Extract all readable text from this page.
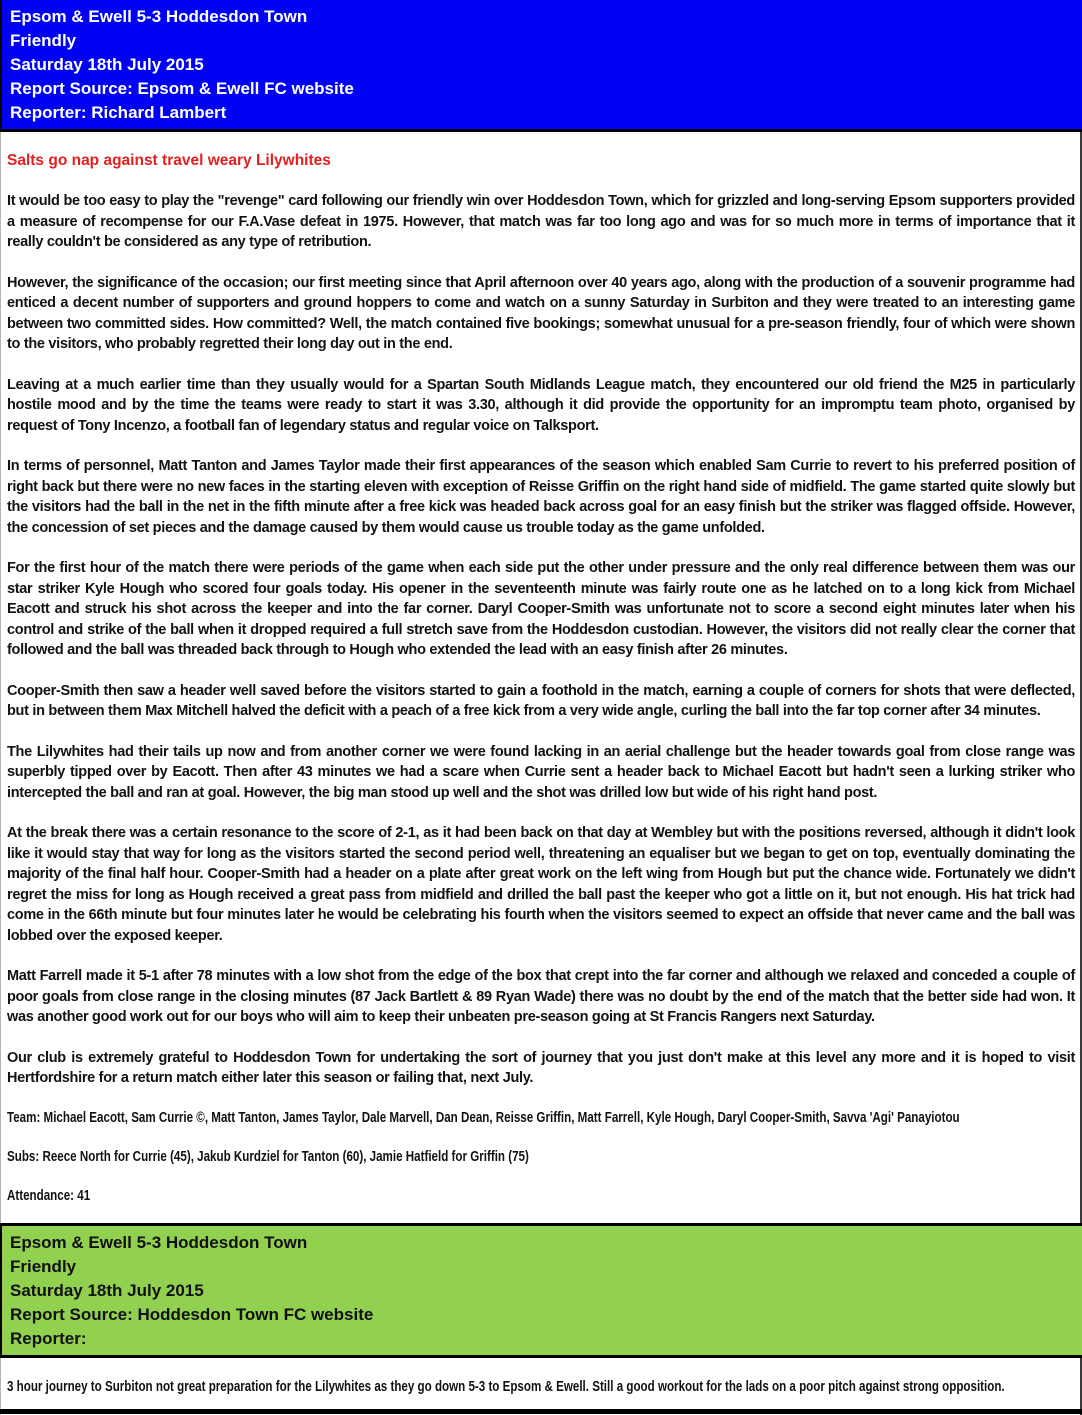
Epsom & Ewell 5-3 Hoddesdon Town
Friendly
Saturday 18th July 2015
Report Source: Epsom & Ewell FC website
Reporter: Richard Lambert
Salts go nap against travel weary Lilywhites
It would be too easy to play the "revenge" card following our friendly win over Hoddesdon Town, which for grizzled and long-serving Epsom supporters provided a measure of recompense for our F.A.Vase defeat in 1975. However, that match was far too long ago and was for so much more in terms of importance that it really couldn't be considered as any type of retribution.
However, the significance of the occasion; our first meeting since that April afternoon over 40 years ago, along with the production of a souvenir programme had enticed a decent number of supporters and ground hoppers to come and watch on a sunny Saturday in Surbiton and they were treated to an interesting game between two committed sides. How committed? Well, the match contained five bookings; somewhat unusual for a pre-season friendly, four of which were shown to the visitors, who probably regretted their long day out in the end.
Leaving at a much earlier time than they usually would for a Spartan South Midlands League match, they encountered our old friend the M25 in particularly hostile mood and by the time the teams were ready to start it was 3.30, although it did provide the opportunity for an impromptu team photo, organised by request of Tony Incenzo, a football fan of legendary status and regular voice on Talksport.
In terms of personnel, Matt Tanton and James Taylor made their first appearances of the season which enabled Sam Currie to revert to his preferred position of right back but there were no new faces in the starting eleven with exception of Reisse Griffin on the right hand side of midfield. The game started quite slowly but the visitors had the ball in the net in the fifth minute after a free kick was headed back across goal for an easy finish but the striker was flagged offside. However, the concession of set pieces and the damage caused by them would cause us trouble today as the game unfolded.
For the first hour of the match there were periods of the game when each side put the other under pressure and the only real difference between them was our star striker Kyle Hough who scored four goals today. His opener in the seventeenth minute was fairly route one as he latched on to a long kick from Michael Eacott and struck his shot across the keeper and into the far corner. Daryl Cooper-Smith was unfortunate not to score a second eight minutes later when his control and strike of the ball when it dropped required a full stretch save from the Hoddesdon custodian. However, the visitors did not really clear the corner that followed and the ball was threaded back through to Hough who extended the lead with an easy finish after 26 minutes.
Cooper-Smith then saw a header well saved before the visitors started to gain a foothold in the match, earning a couple of corners for shots that were deflected, but in between them Max Mitchell halved the deficit with a peach of a free kick from a very wide angle, curling the ball into the far top corner after 34 minutes.
The Lilywhites had their tails up now and from another corner we were found lacking in an aerial challenge but the header towards goal from close range was superbly tipped over by Eacott. Then after 43 minutes we had a scare when Currie sent a header back to Michael Eacott but hadn't seen a lurking striker who intercepted the ball and ran at goal. However, the big man stood up well and the shot was drilled low but wide of his right hand post.
At the break there was a certain resonance to the score of 2-1, as it had been back on that day at Wembley but with the positions reversed, although it didn't look like it would stay that way for long as the visitors started the second period well, threatening an equaliser but we began to get on top, eventually dominating the majority of the final half hour. Cooper-Smith had a header on a plate after great work on the left wing from Hough but put the chance wide. Fortunately we didn't regret the miss for long as Hough received a great pass from midfield and drilled the ball past the keeper who got a little on it, but not enough. His hat trick had come in the 66th minute but four minutes later he would be celebrating his fourth when the visitors seemed to expect an offside that never came and the ball was lobbed over the exposed keeper.
Matt Farrell made it 5-1 after 78 minutes with a low shot from the edge of the box that crept into the far corner and although we relaxed and conceded a couple of poor goals from close range in the closing minutes (87 Jack Bartlett & 89 Ryan Wade) there was no doubt by the end of the match that the better side had won. It was another good work out for our boys who will aim to keep their unbeaten pre-season going at St Francis Rangers next Saturday.
Our club is extremely grateful to Hoddesdon Town for undertaking the sort of journey that you just don't make at this level any more and it is hoped to visit Hertfordshire for a return match either later this season or failing that, next July.
Team: Michael Eacott, Sam Currie ©, Matt Tanton, James Taylor, Dale Marvell, Dan Dean, Reisse Griffin, Matt Farrell, Kyle Hough, Daryl Cooper-Smith, Savva 'Agi' Panayiotou
Subs: Reece North for Currie (45), Jakub Kurdziel for Tanton (60), Jamie Hatfield for Griffin (75)
Attendance: 41
Epsom & Ewell 5-3 Hoddesdon Town
Friendly
Saturday 18th July 2015
Report Source: Hoddesdon Town FC website
Reporter:
3 hour journey to Surbiton not great preparation for the Lilywhites as they go down 5-3 to Epsom & Ewell. Still a good workout for the lads on a poor pitch against strong opposition.
